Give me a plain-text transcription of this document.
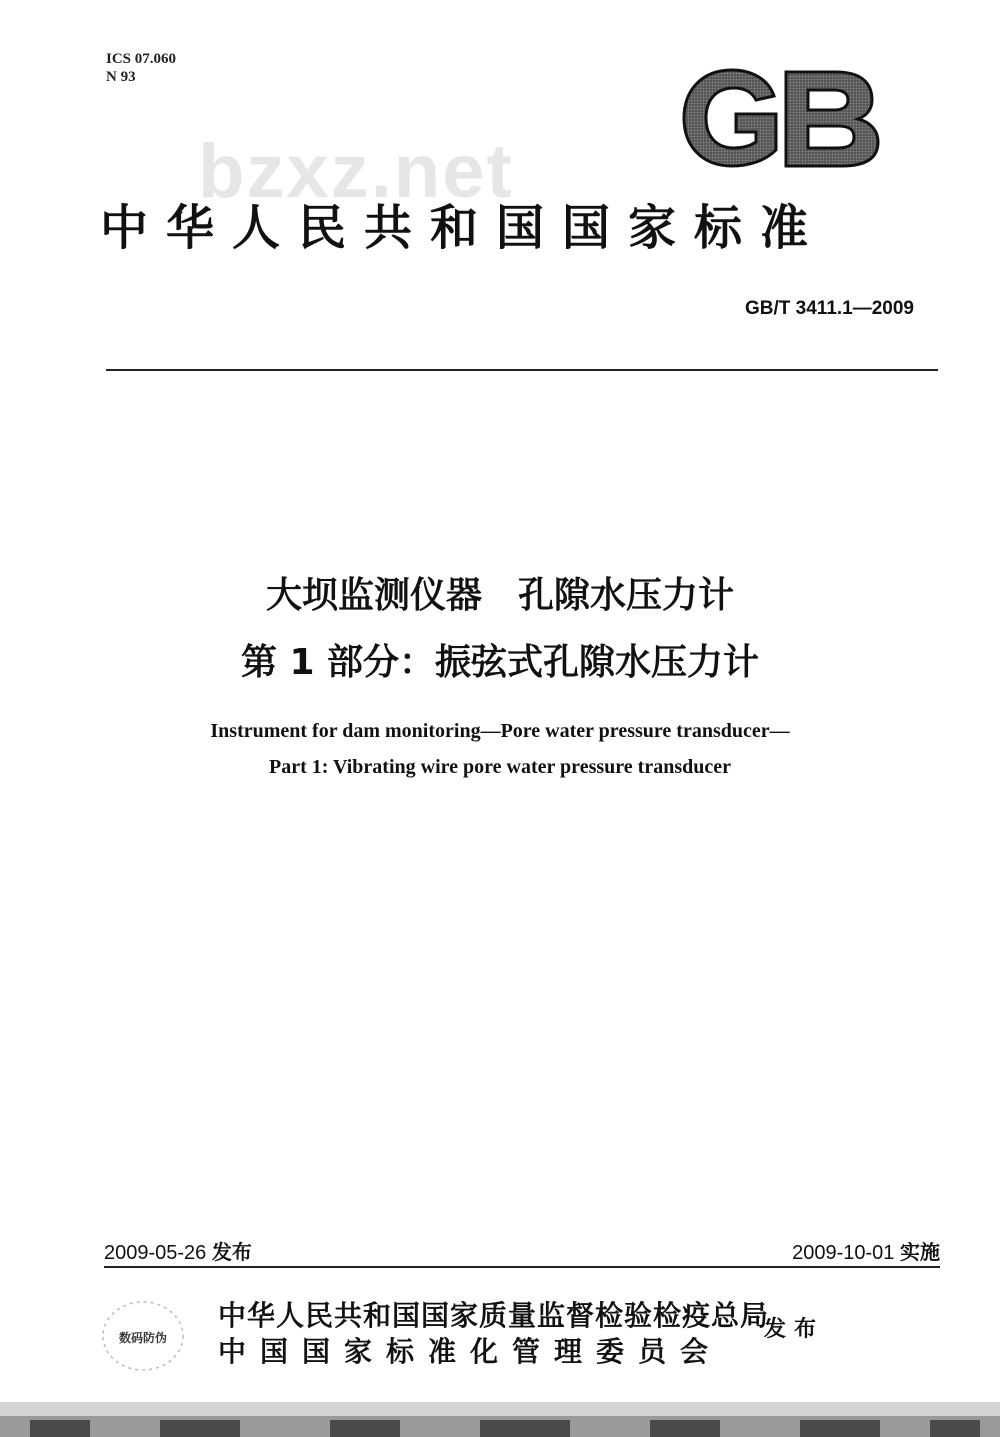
ICS 07.060
N 93
bzxz.net
中华人民共和国国家标准
GB/T 3411.1—2009
大坝监测仪器　孔隙水压力计
第 1 部分：振弦式孔隙水压力计
Instrument for dam monitoring—Pore water pressure transducer—
Part 1: Vibrating wire pore water pressure transducer
2009-05-26 发布	2009-10-01 实施
数码防伪
中华人民共和国国家质量监督检验检疫总局
中国国家标准化管理委员会
发布
